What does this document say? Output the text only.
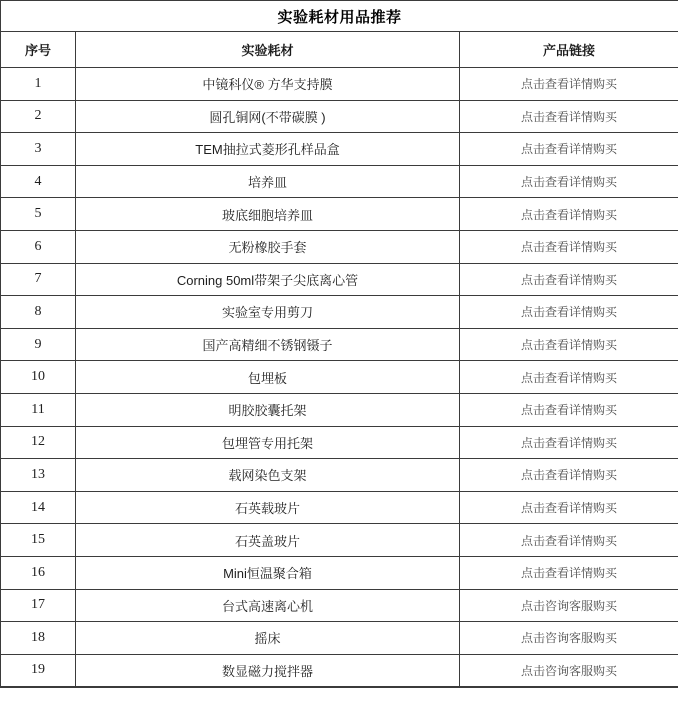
实验耗材用品推荐		
序号	实验耗材	产品链接
1	中镜科仪® 方华支持膜	点击查看详情购买
2	圆孔铜网(不带碳膜 )	点击查看详情购买
3	TEM抽拉式菱形孔样品盒	点击查看详情购买
4	培养皿	点击查看详情购买
5	玻底细胞培养皿	点击查看详情购买
6	无粉橡胶手套	点击查看详情购买
7	Corning 50ml带架子尖底离心管	点击查看详情购买
8	实验室专用剪刀	点击查看详情购买
9	国产高精细不锈钢镊子	点击查看详情购买
10	包埋板	点击查看详情购买
11	明胶胶囊托架	点击查看详情购买
12	包埋管专用托架	点击查看详情购买
13	载网染色支架	点击查看详情购买
14	石英载玻片	点击查看详情购买
15	石英盖玻片	点击查看详情购买
16	Mini恒温聚合箱	点击查看详情购买
17	台式高速离心机	点击咨询客服购买
18	摇床	点击咨询客服购买
19	数显磁力搅拌器	点击咨询客服购买
